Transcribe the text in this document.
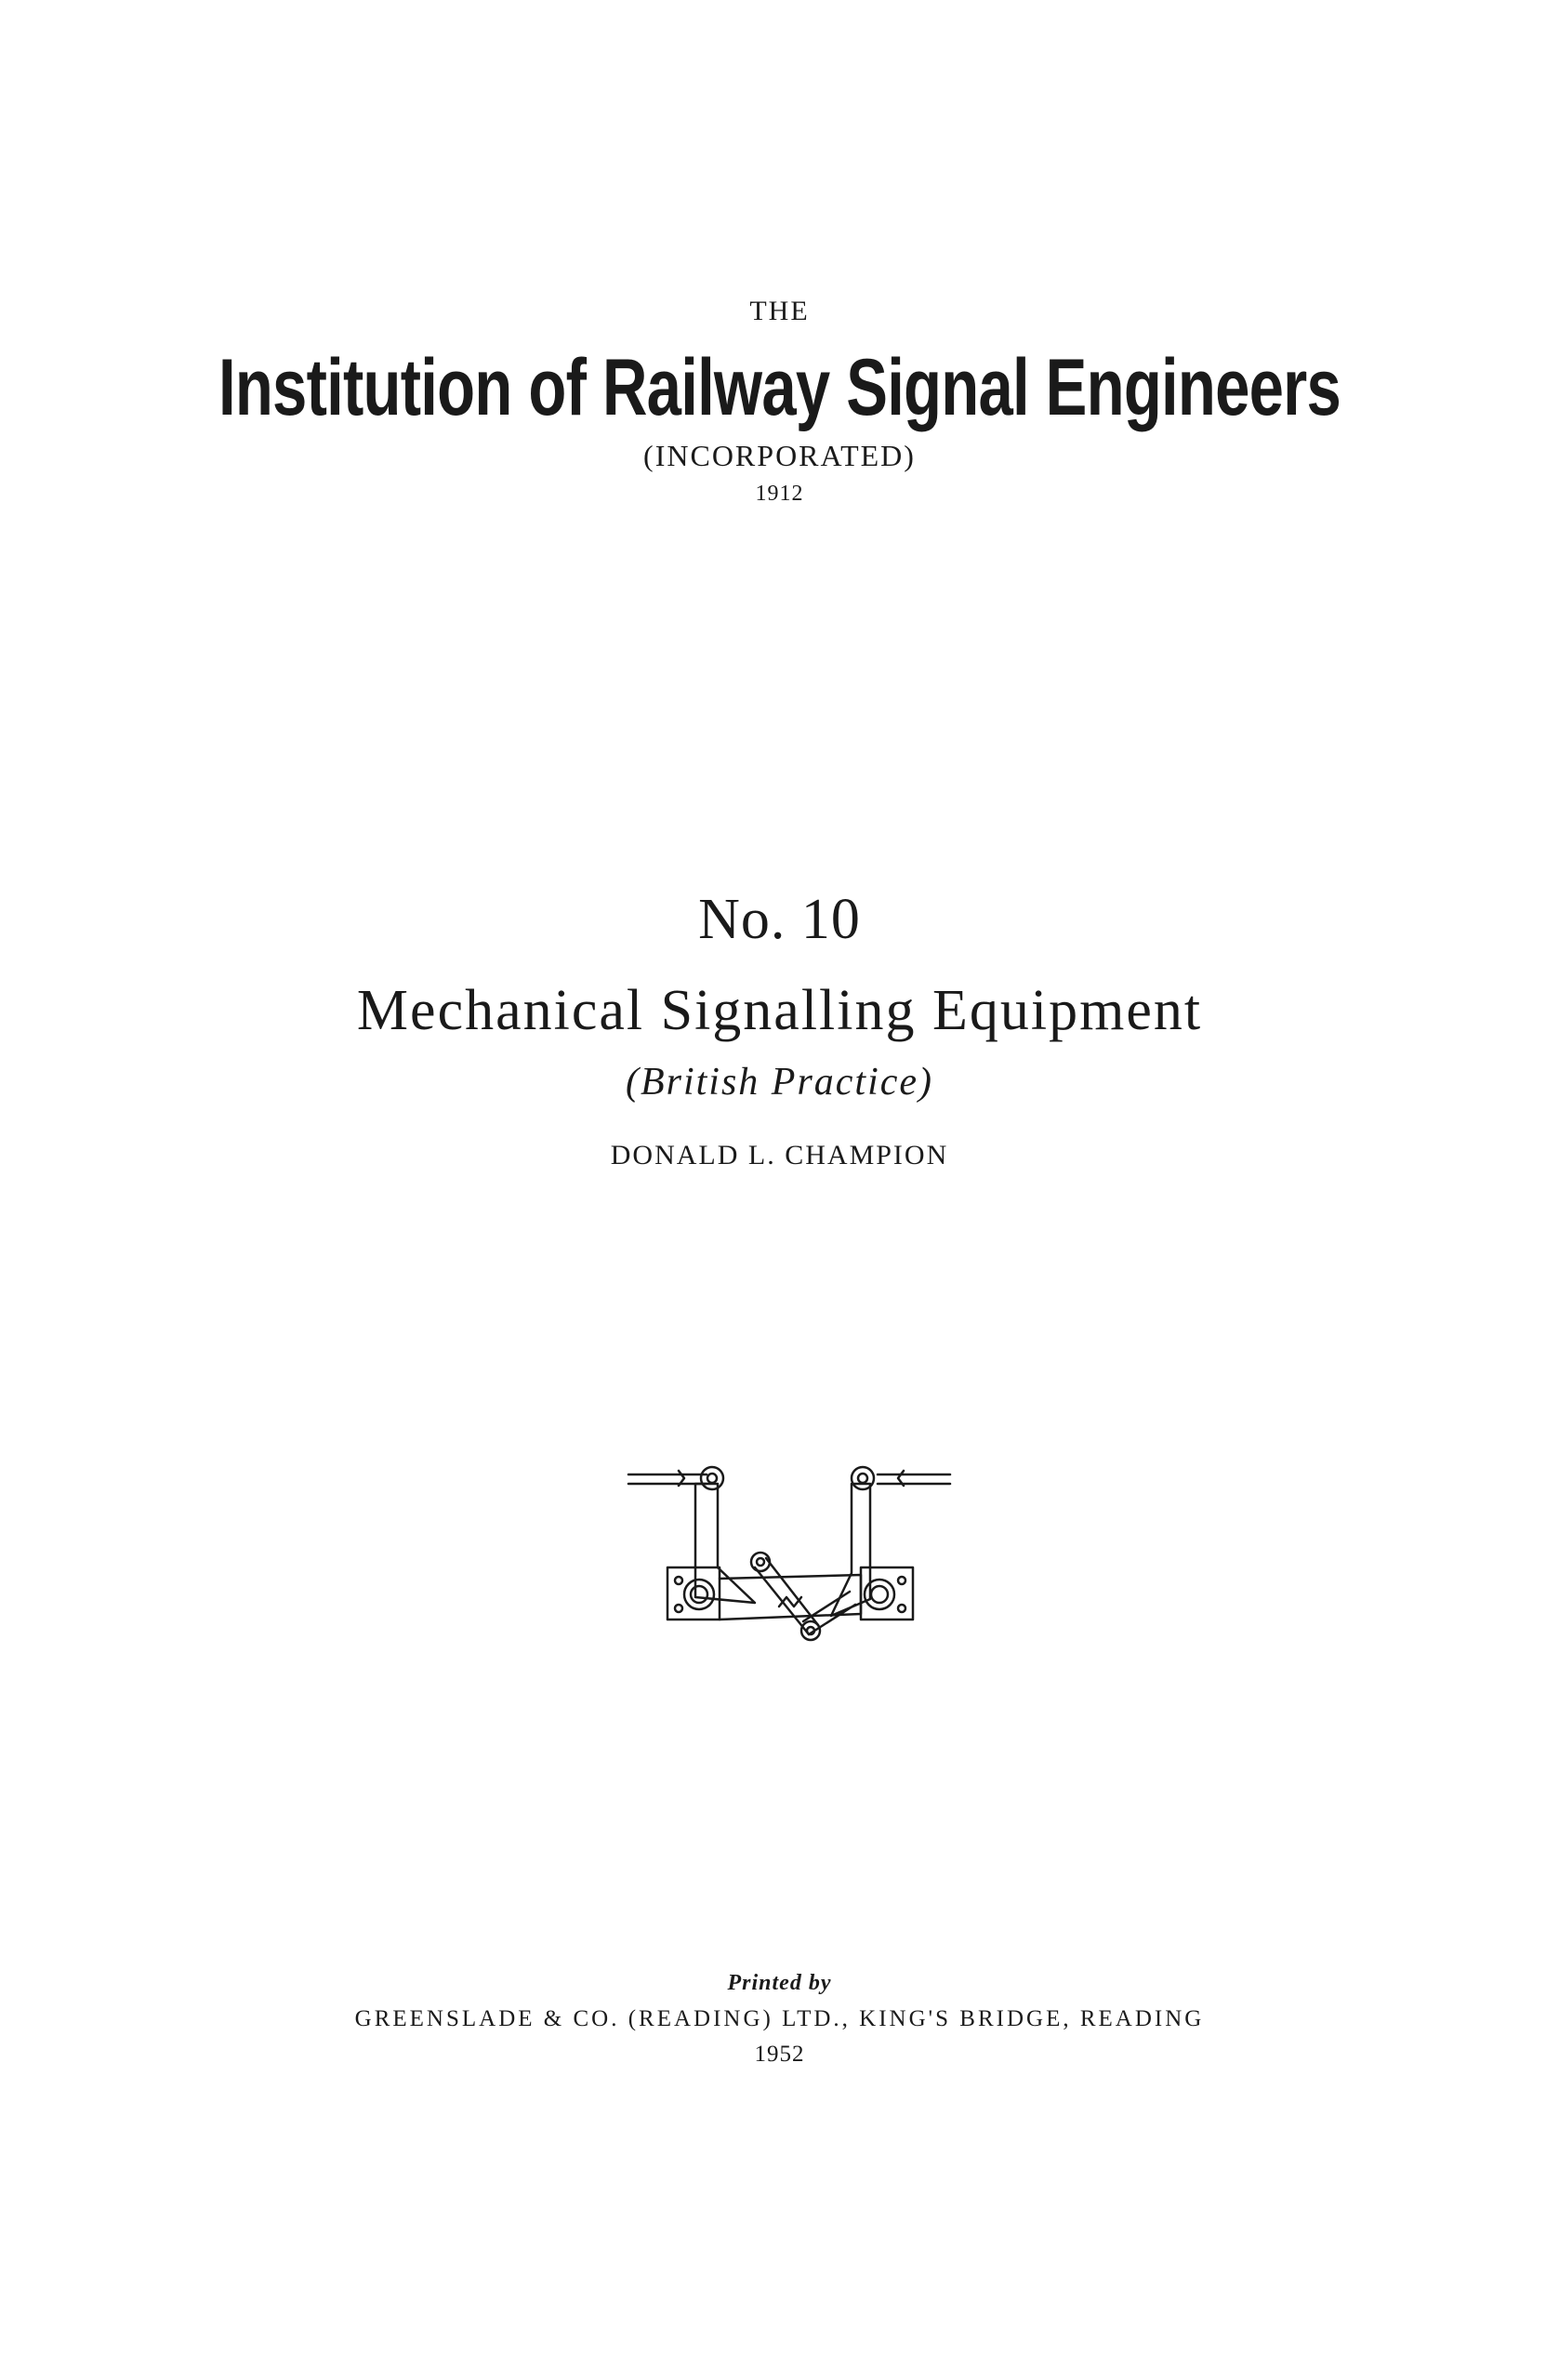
THE
Institution of Railway Signal Engineers
(INCORPORATED)
1912
No. 10
Mechanical Signalling Equipment
(British Practice)
DONALD L. CHAMPION
Printed by
GREENSLADE & CO. (READING) LTD., KING'S BRIDGE, READING
1952
